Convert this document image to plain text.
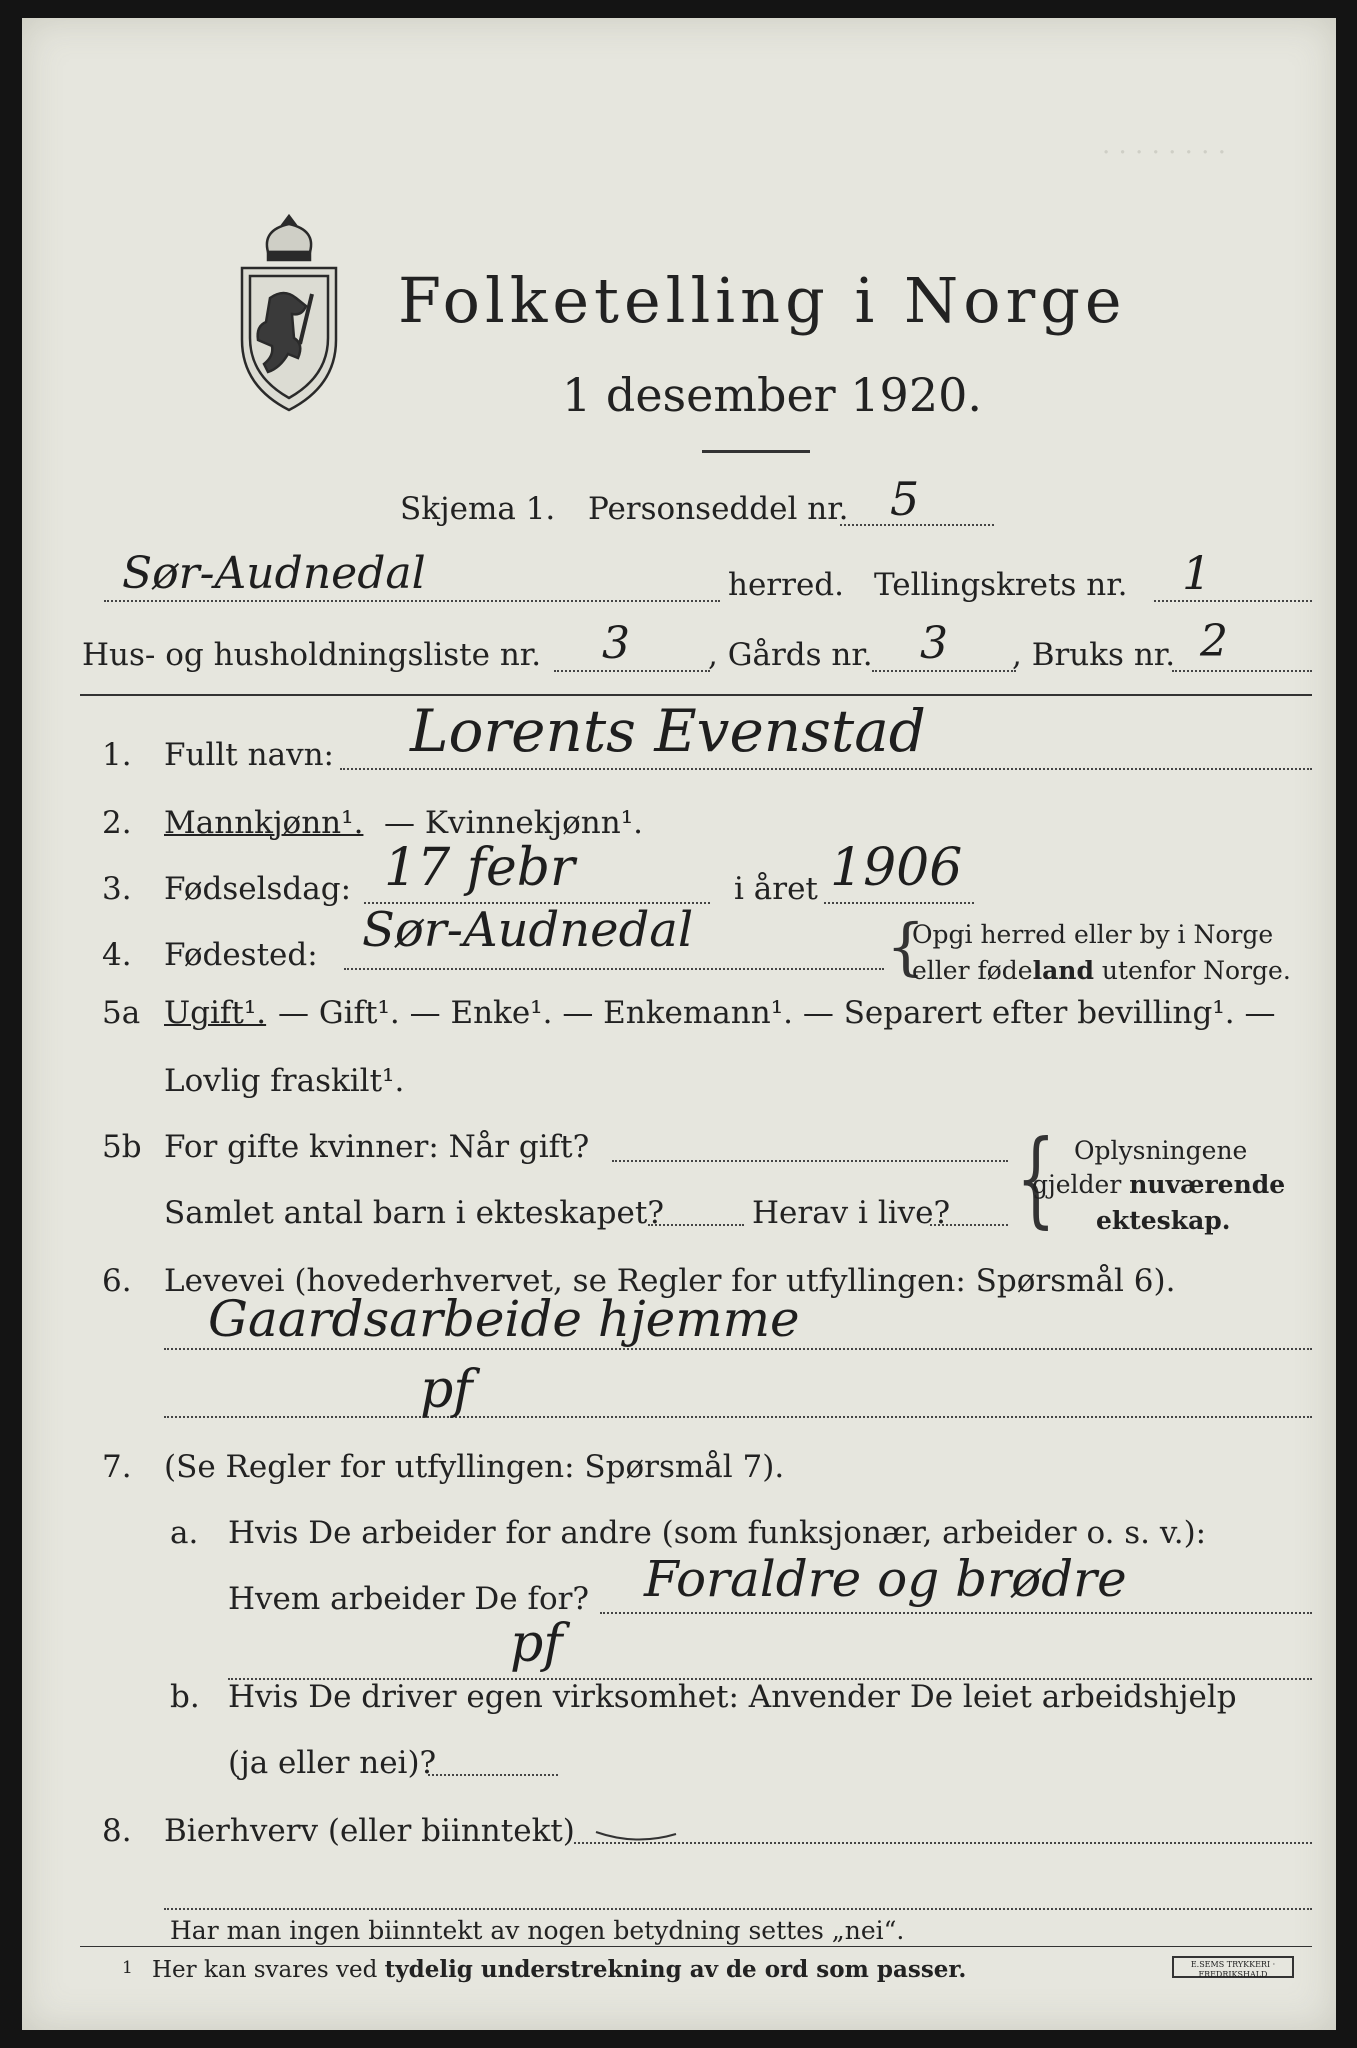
· · · · · · · ·
Folketelling i Norge
1 desember 1920.
Skjema 1. Personseddel nr. 5
Sør-Audnedal	herred. Tellingskrets nr. 1
Hus- og husholdningsliste nr. 3	, Gårds nr. 3 , Bruks nr. 2
1. Fullt navn: Lorents Evenstad
2. Mannkjønn¹. — Kvinnekjønn¹.
3. Fødselsdag: 17 febr	i året 1906
4. Fødested: Sør-Audnedal	{
Opgi herred eller by i Norge
eller fødeland utenfor Norge.
5a Ugift¹. — Gift¹. — Enke¹. — Enkemann¹. — Separert efter bevilling¹. —
Lovlig fraskilt¹.
5b For gifte kvinner: Når gift?
Samlet antal barn i ekteskapet?	Herav i live? { Oplysningene
gjelder nuværende
ekteskap.
6. Levevei (hovederhvervet, se Regler for utfyllingen: Spørsmål 6).
Gaardsarbeide hjemme
pf
7. (Se Regler for utfyllingen: Spørsmål 7).
a. Hvis De arbeider for andre (som funksjonær, arbeider o. s. v.):
Hvem arbeider De for? Foraldre og brødre
pf
b. Hvis De driver egen virksomhet: Anvender De leiet arbeidshjelp
(ja eller nei)?
8. Bierhverv (eller biinntekt)
Har man ingen biinntekt av nogen betydning settes „nei“.
1 Her kan svares ved tydelig understrekning av de ord som passer.	E.SEMS TRYKKERI · FREDRIKSHALD
